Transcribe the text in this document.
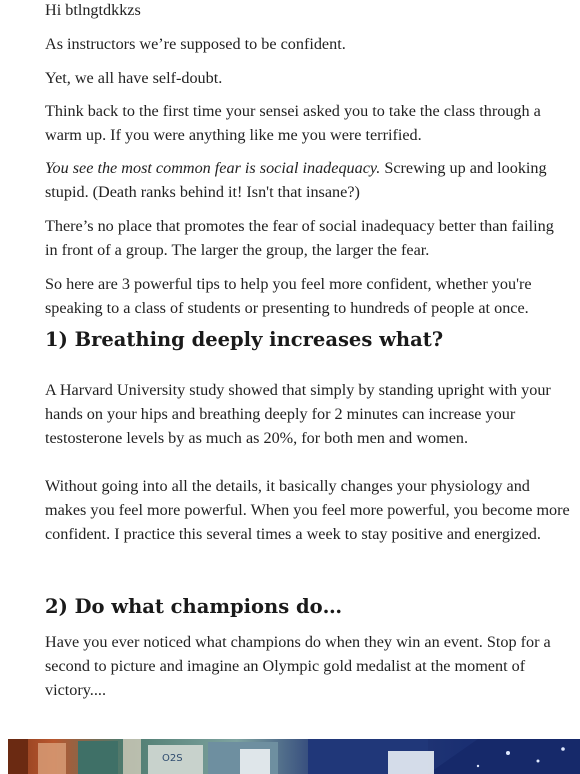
Hi btlngtdkkzs

As instructors we’re supposed to be confident.

Yet, we all have self-doubt.

Think back to the first time your sensei asked you to take the class through a warm up. If you were anything like me you were terrified.

You see the most common fear is social inadequacy. Screwing up and looking stupid. (Death ranks behind it! Isn't that insane?)

There’s no place that promotes the fear of social inadequacy better than failing in front of a group. The larger the group, the larger the fear.

So here are 3 powerful tips to help you feel more confident, whether you're speaking to a class of students or presenting to hundreds of people at once.

1) Breathing deeply increases what?

A Harvard University study showed that simply by standing upright with your hands on your hips and breathing deeply for 2 minutes can increase your testosterone levels by as much as 20%, for both men and women.

Without going into all the details, it basically changes your physiology and makes you feel more powerful. When you feel more powerful, you become more confident. I practice this several times a week to stay positive and energized.

2) Do what champions do…

Have you ever noticed what champions do when they win an event. Stop for a second to picture and imagine an Olympic gold medalist at the moment of victory....

O2S
